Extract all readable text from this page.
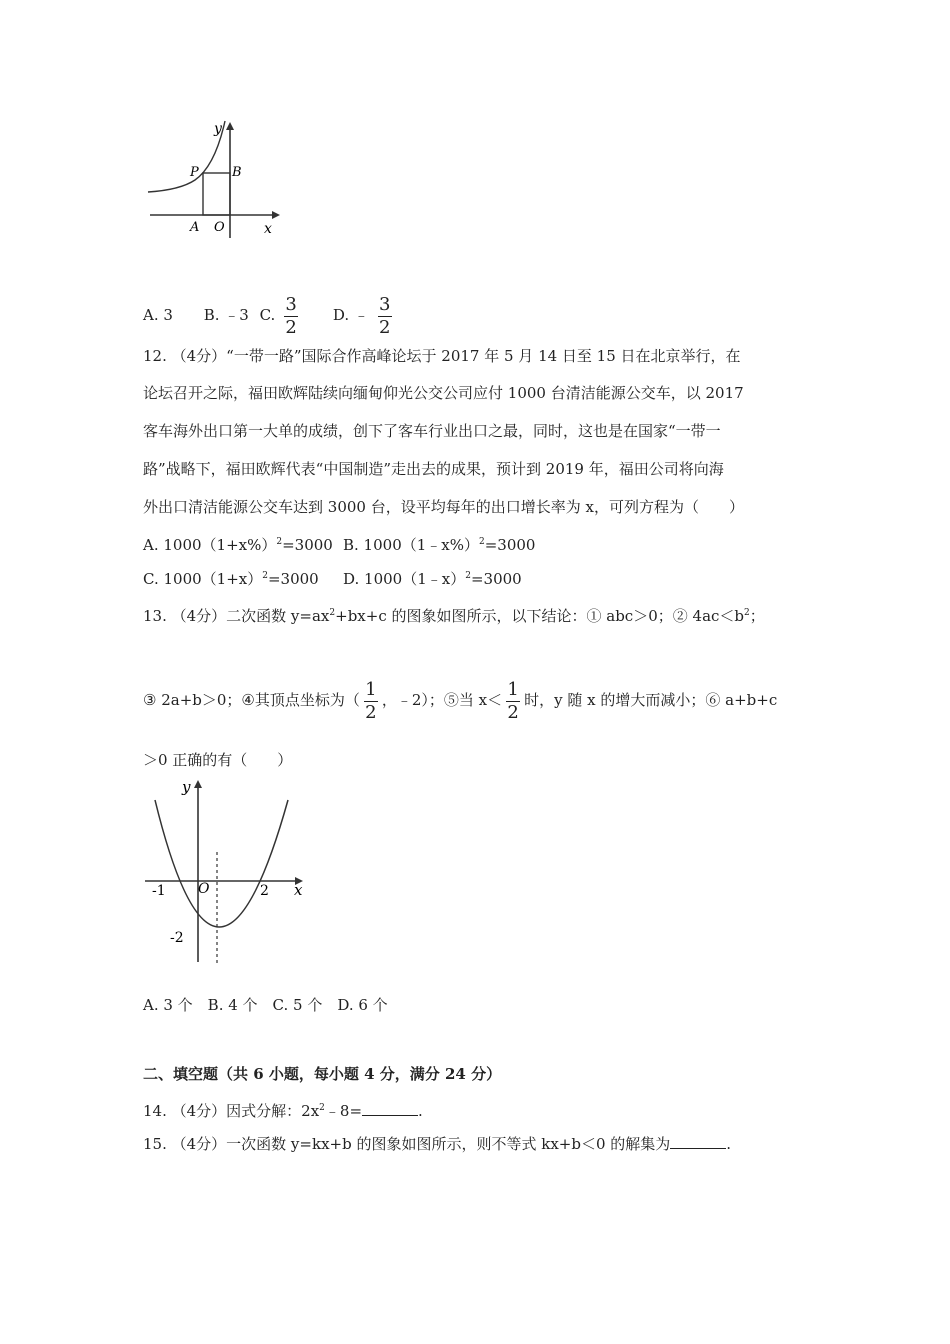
y
x
P	B
A O
A. 3 B. ﹣3 C. $\frac{3}{2} D$. ﹣ $\frac{3}{2}$
12. （4分）“一带一路”国际合作高峰论坛于 2017 年 5 月 14 日至 15 日在北京举行，在
论坛召开之际，福田欧辉陆续向缅甸仰光公交公司应付 1000 台清洁能源公交车，以 2017
客车海外出口第一大单的成绩，创下了客车行业出口之最，同时，这也是在国家“一带一
路”战略下，福田欧辉代表“中国制造”走出去的成果，预计到 2019 年，福田公司将向海
外出口清洁能源公交车达到 3000 台，设平均每年的出口增长率为 x，可列方程为（　　）
A. $1000(1+x\%)^2=3000$ B. 1000（1﹣x%）$^2$=3000
C. $1000(1+x)^2=3000$ D. 1000（1﹣x）$^2$=3000
13. （4分）二次函数 $y=ax^2+bx+c$ 的图象如图所示，以下结论：① abc＞0；② $4ac<b^2$；
③ 2a+b＞0；④其顶点坐标为（ $\frac{1}{2}$ ，﹣2）；⑤当 $x< \frac{1}{2}$ 时，y 随 x 的增大而减小；⑥ a+b+c
＞0 正确的有（　　）
y
x
O
-1	2
-2
A. 3 个　B. 4 个　C. 5 个　D. 6 个
二、填空题（共 6 小题，每小题 4 分，满分 24 分）
14. （4分）因式分解：$2x^2﹣8=$	.
15. （4分）一次函数 y=kx+b 的图象如图所示，则不等式 kx+b＜0 的解集为	.
